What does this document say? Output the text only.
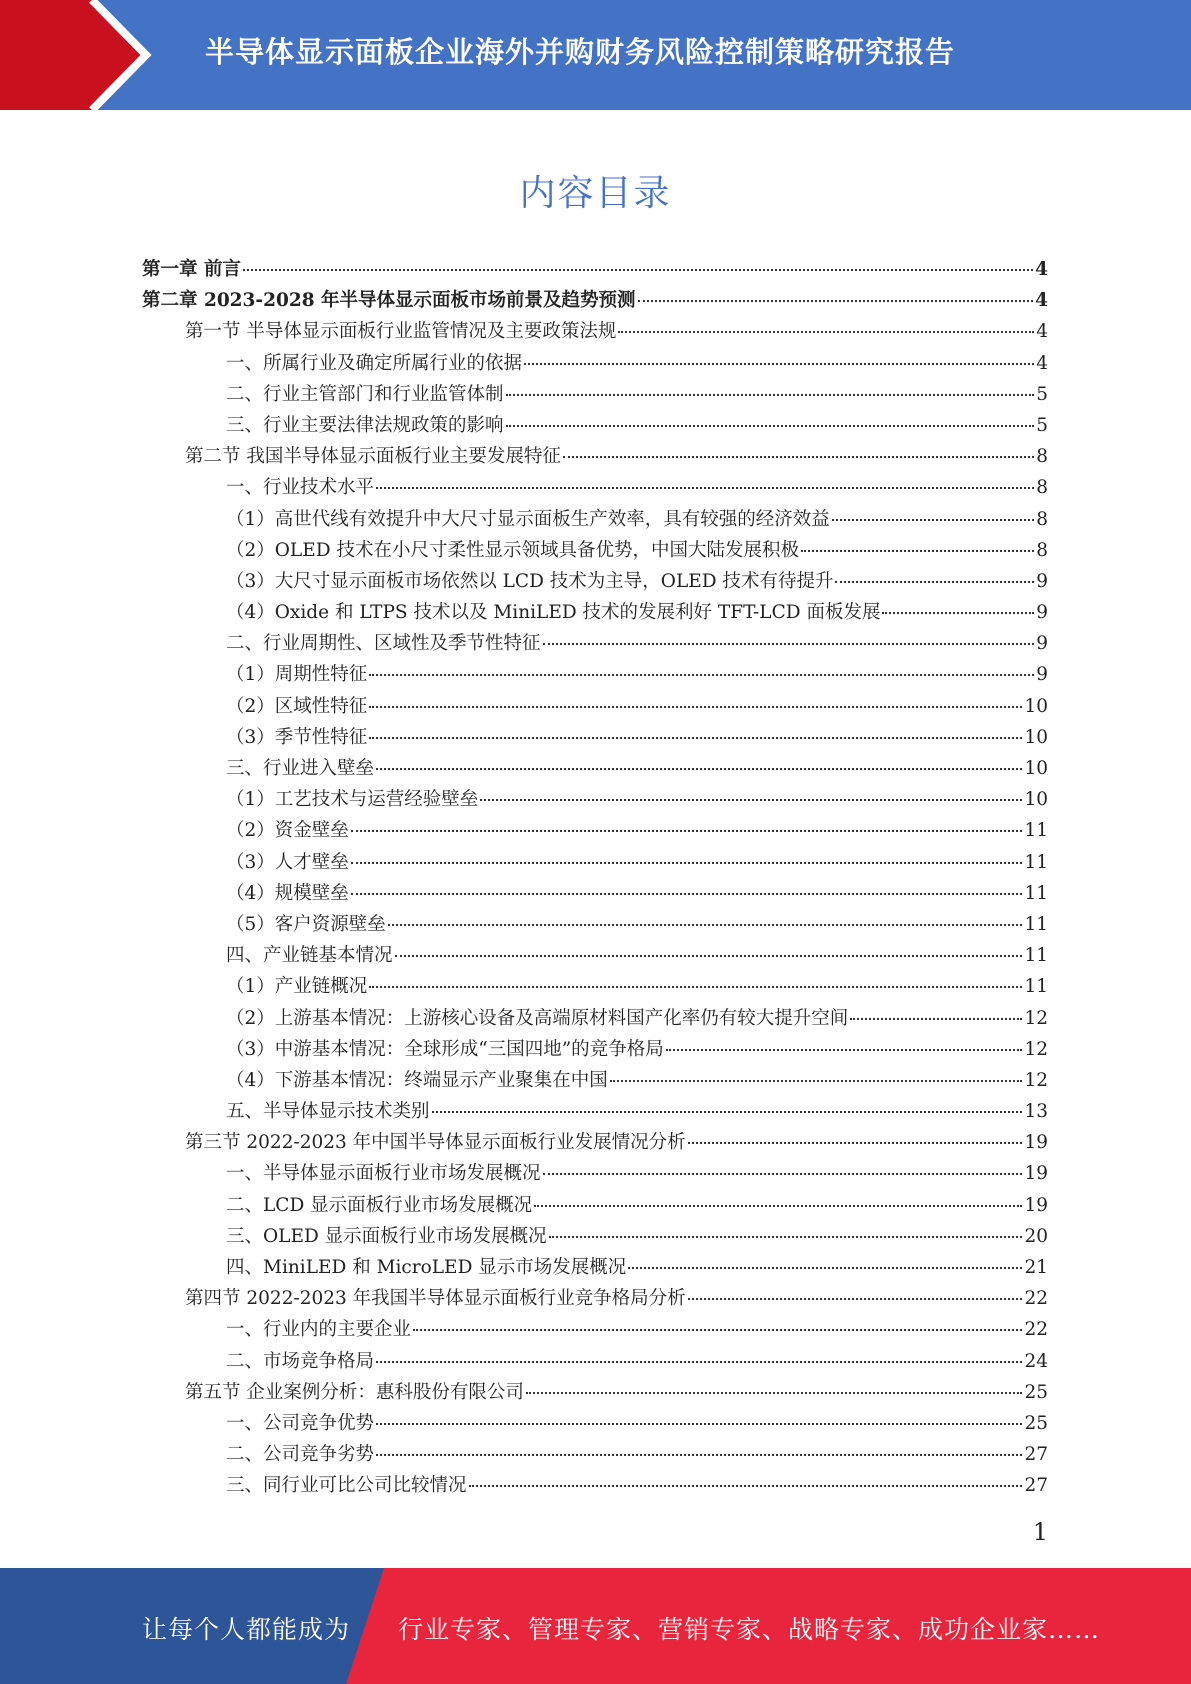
半导体显示面板企业海外并购财务风险控制策略研究报告
内容目录
第一章 前言	4
第二章 2023-2028 年半导体显示面板市场前景及趋势预测	4
第一节 半导体显示面板行业监管情况及主要政策法规	4
一、所属行业及确定所属行业的依据	4
二、行业主管部门和行业监管体制	5
三、行业主要法律法规政策的影响	5
第二节 我国半导体显示面板行业主要发展特征	8
一、行业技术水平	8
（1）高世代线有效提升中大尺寸显示面板生产效率，具有较强的经济效益	8
（2）OLED 技术在小尺寸柔性显示领域具备优势，中国大陆发展积极	8
（3）大尺寸显示面板市场依然以 LCD 技术为主导，OLED 技术有待提升	9
（4）Oxide 和 LTPS 技术以及 MiniLED 技术的发展利好 TFT-LCD 面板发展	9
二、行业周期性、区域性及季节性特征	9
（1）周期性特征	9
（2）区域性特征	10
（3）季节性特征	10
三、行业进入壁垒	10
（1）工艺技术与运营经验壁垒	10
（2）资金壁垒	11
（3）人才壁垒	11
（4）规模壁垒	11
（5）客户资源壁垒	11
四、产业链基本情况	11
（1）产业链概况	11
（2）上游基本情况：上游核心设备及高端原材料国产化率仍有较大提升空间	12
（3）中游基本情况：全球形成“三国四地”的竞争格局	12
（4）下游基本情况：终端显示产业聚集在中国	12
五、半导体显示技术类别	13
第三节 2022-2023 年中国半导体显示面板行业发展情况分析	19
一、半导体显示面板行业市场发展概况	19
二、LCD 显示面板行业市场发展概况	19
三、OLED 显示面板行业市场发展概况	20
四、MiniLED 和 MicroLED 显示市场发展概况	21
第四节 2022-2023 年我国半导体显示面板行业竞争格局分析	22
一、行业内的主要企业	22
二、市场竞争格局	24
第五节 企业案例分析：惠科股份有限公司	25
一、公司竞争优势	25
二、公司竞争劣势	27
三、同行业可比公司比较情况	27
1
让每个人都能成为 行业专家、管理专家、营销专家、战略专家、成功企业家……
